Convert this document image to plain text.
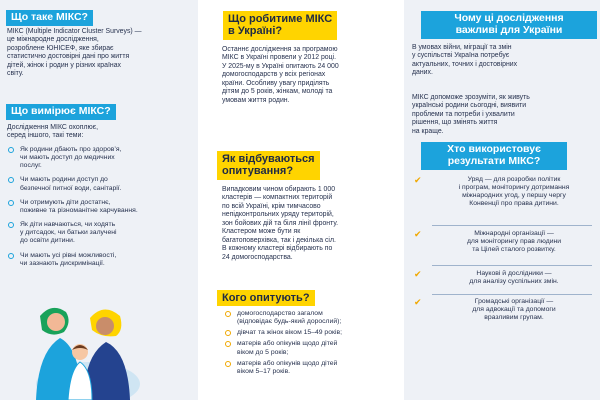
Що таке МІКС?
МІКС (Multiple Indicator Cluster Surveys) —
це міжнародне дослідження,
розроблене ЮНІСЕФ, яке збирає
статистично достовірні дані про життя
дітей, жінок і родин у різних країнах
світу.
Що вимірює МІКС?
Дослідження МІКС охоплює,
серед іншого, такі теми:
Як родини дбають про здоров’я,
чи мають доступ до медичних
послуг.
Чи мають родини доступ до
безпечної питної води, санітарії.
Чи отримують діти достатнє,
поживне та різноманітне харчування.
Як діти навчаються, чи ходять
у дитсадок, чи батьки залучені
до освіти дитини.
Чи мають усі рівні можливості,
чи зазнають дискримінації.
Що робитиме МІКС
в Україні?
Останнє дослідження за програмою
МІКС в Україні провели у 2012 році.
У 2025-му в Україні опитають 24 000
домогосподарств у всіх регіонах
країни. Особливу увагу приділять
дітям до 5 років, жінкам, молоді та
умовам життя родин.
Як відбуваються
опитування?
Випадковим чином обирають 1 000
кластерів — компактних територій
по всій Україні, крім тимчасово
непідконтрольних уряду територій,
зон бойових дій та біля лінії фронту.
Кластером може бути як
багатоповерхівка, так і декілька сіл.
В кожному кластері відбирають по
24 домогосподарства.
Кого опитують?
домогосподарство загалом
(відповідає будь-який дорослий);
дівчат та жінок віком 15–49 років;
матерів або опікунів щодо дітей
віком до 5 років;
матерів або опікунів щодо дітей
віком 5–17 років.
Чому ці дослідження
важливі для України
В умовах війни, міграції та змін
у суспільстві Україна потребує
актуальних, точних і достовірних
даних.
МІКС допоможе зрозуміти, як живуть
українські родини сьогодні, виявити
проблеми та потреби і ухвалити
рішення, що змінять життя
на краще.
Хто використовує
результати МІКС?
✔	Уряд — для розробки політик
і програм, моніторингу дотримання
міжнародних угод, у першу чергу
Конвенції про права дитини.
✔	Міжнародні організації —
для моніторингу прав людини
та Цілей сталого розвитку.
✔	Наукові й дослідники —
для аналізу суспільних змін.
✔	Громадські організації —
для адвокації та допомоги
вразливим групам.
